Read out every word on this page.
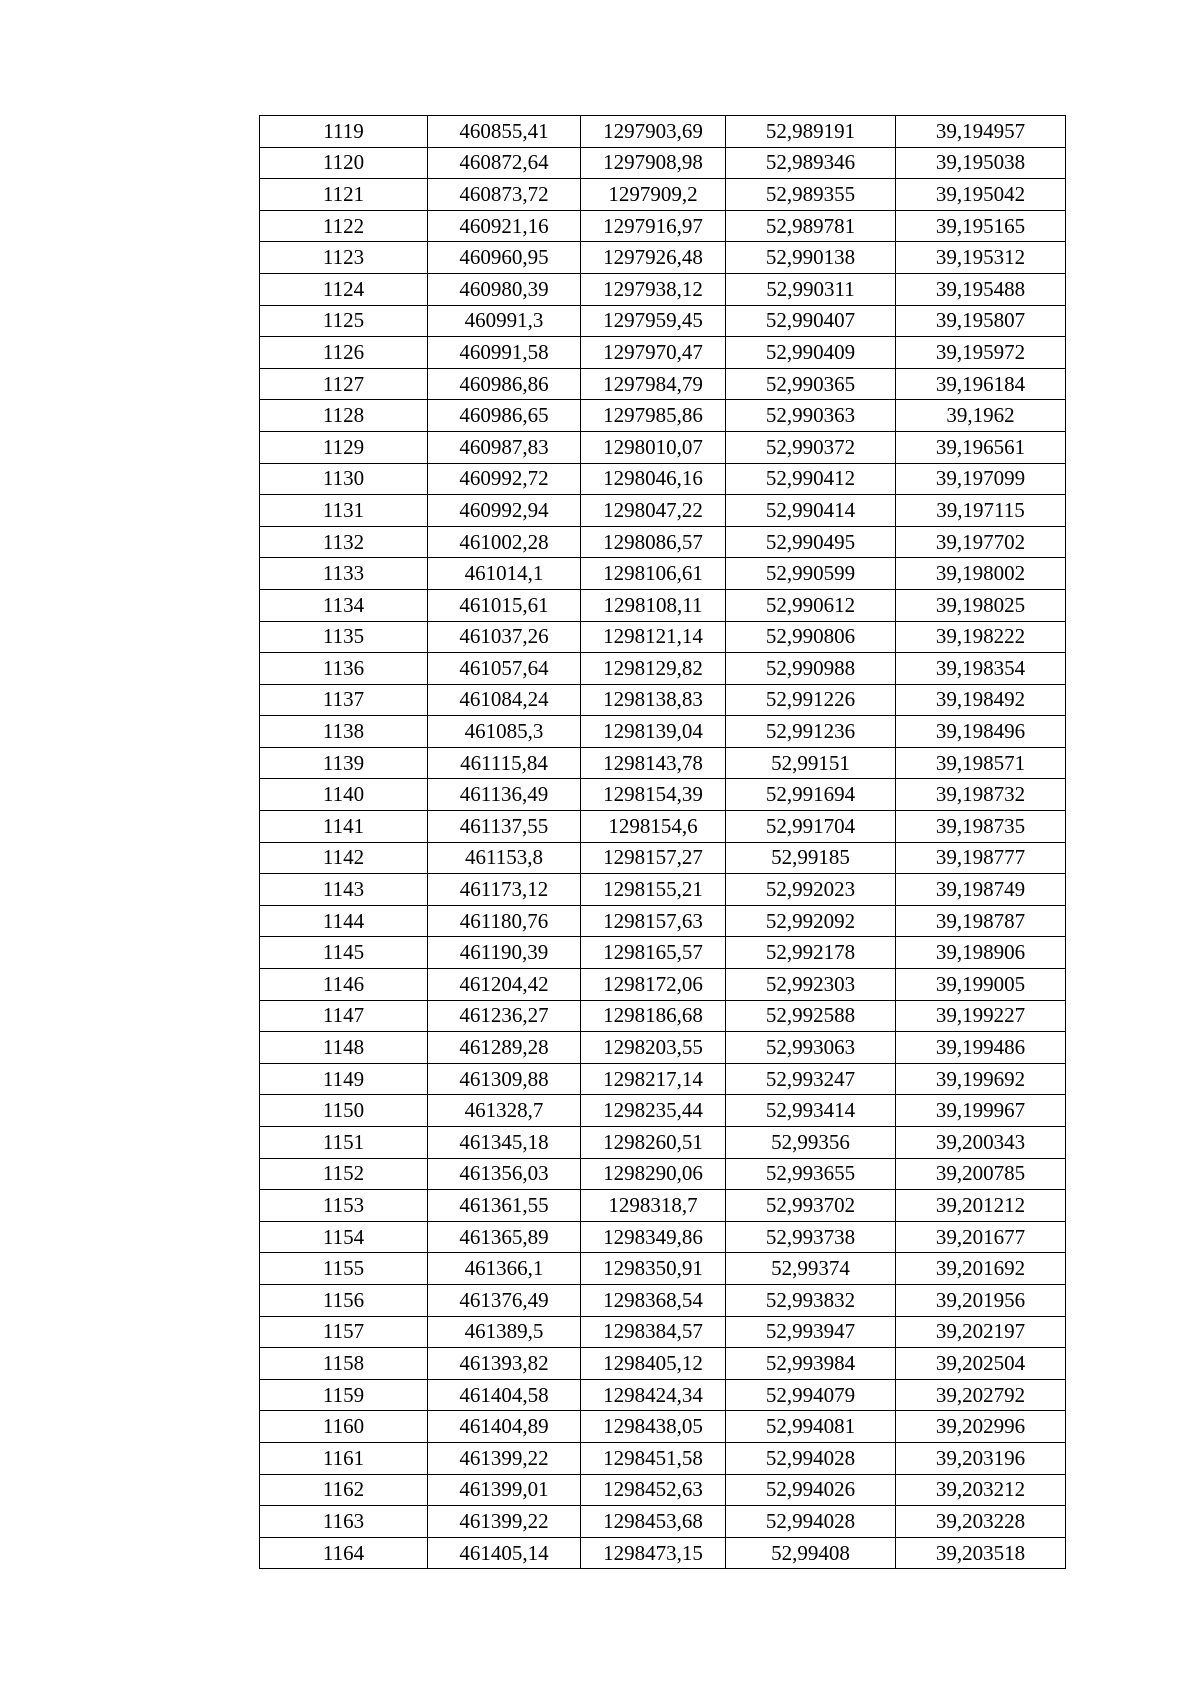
1119	460855,41	1297903,69	52,989191	39,194957
1120	460872,64	1297908,98	52,989346	39,195038
1121	460873,72	1297909,2	52,989355	39,195042
1122	460921,16	1297916,97	52,989781	39,195165
1123	460960,95	1297926,48	52,990138	39,195312
1124	460980,39	1297938,12	52,990311	39,195488
1125	460991,3	1297959,45	52,990407	39,195807
1126	460991,58	1297970,47	52,990409	39,195972
1127	460986,86	1297984,79	52,990365	39,196184
1128	460986,65	1297985,86	52,990363	39,1962
1129	460987,83	1298010,07	52,990372	39,196561
1130	460992,72	1298046,16	52,990412	39,197099
1131	460992,94	1298047,22	52,990414	39,197115
1132	461002,28	1298086,57	52,990495	39,197702
1133	461014,1	1298106,61	52,990599	39,198002
1134	461015,61	1298108,11	52,990612	39,198025
1135	461037,26	1298121,14	52,990806	39,198222
1136	461057,64	1298129,82	52,990988	39,198354
1137	461084,24	1298138,83	52,991226	39,198492
1138	461085,3	1298139,04	52,991236	39,198496
1139	461115,84	1298143,78	52,99151	39,198571
1140	461136,49	1298154,39	52,991694	39,198732
1141	461137,55	1298154,6	52,991704	39,198735
1142	461153,8	1298157,27	52,99185	39,198777
1143	461173,12	1298155,21	52,992023	39,198749
1144	461180,76	1298157,63	52,992092	39,198787
1145	461190,39	1298165,57	52,992178	39,198906
1146	461204,42	1298172,06	52,992303	39,199005
1147	461236,27	1298186,68	52,992588	39,199227
1148	461289,28	1298203,55	52,993063	39,199486
1149	461309,88	1298217,14	52,993247	39,199692
1150	461328,7	1298235,44	52,993414	39,199967
1151	461345,18	1298260,51	52,99356	39,200343
1152	461356,03	1298290,06	52,993655	39,200785
1153	461361,55	1298318,7	52,993702	39,201212
1154	461365,89	1298349,86	52,993738	39,201677
1155	461366,1	1298350,91	52,99374	39,201692
1156	461376,49	1298368,54	52,993832	39,201956
1157	461389,5	1298384,57	52,993947	39,202197
1158	461393,82	1298405,12	52,993984	39,202504
1159	461404,58	1298424,34	52,994079	39,202792
1160	461404,89	1298438,05	52,994081	39,202996
1161	461399,22	1298451,58	52,994028	39,203196
1162	461399,01	1298452,63	52,994026	39,203212
1163	461399,22	1298453,68	52,994028	39,203228
1164	461405,14	1298473,15	52,99408	39,203518
